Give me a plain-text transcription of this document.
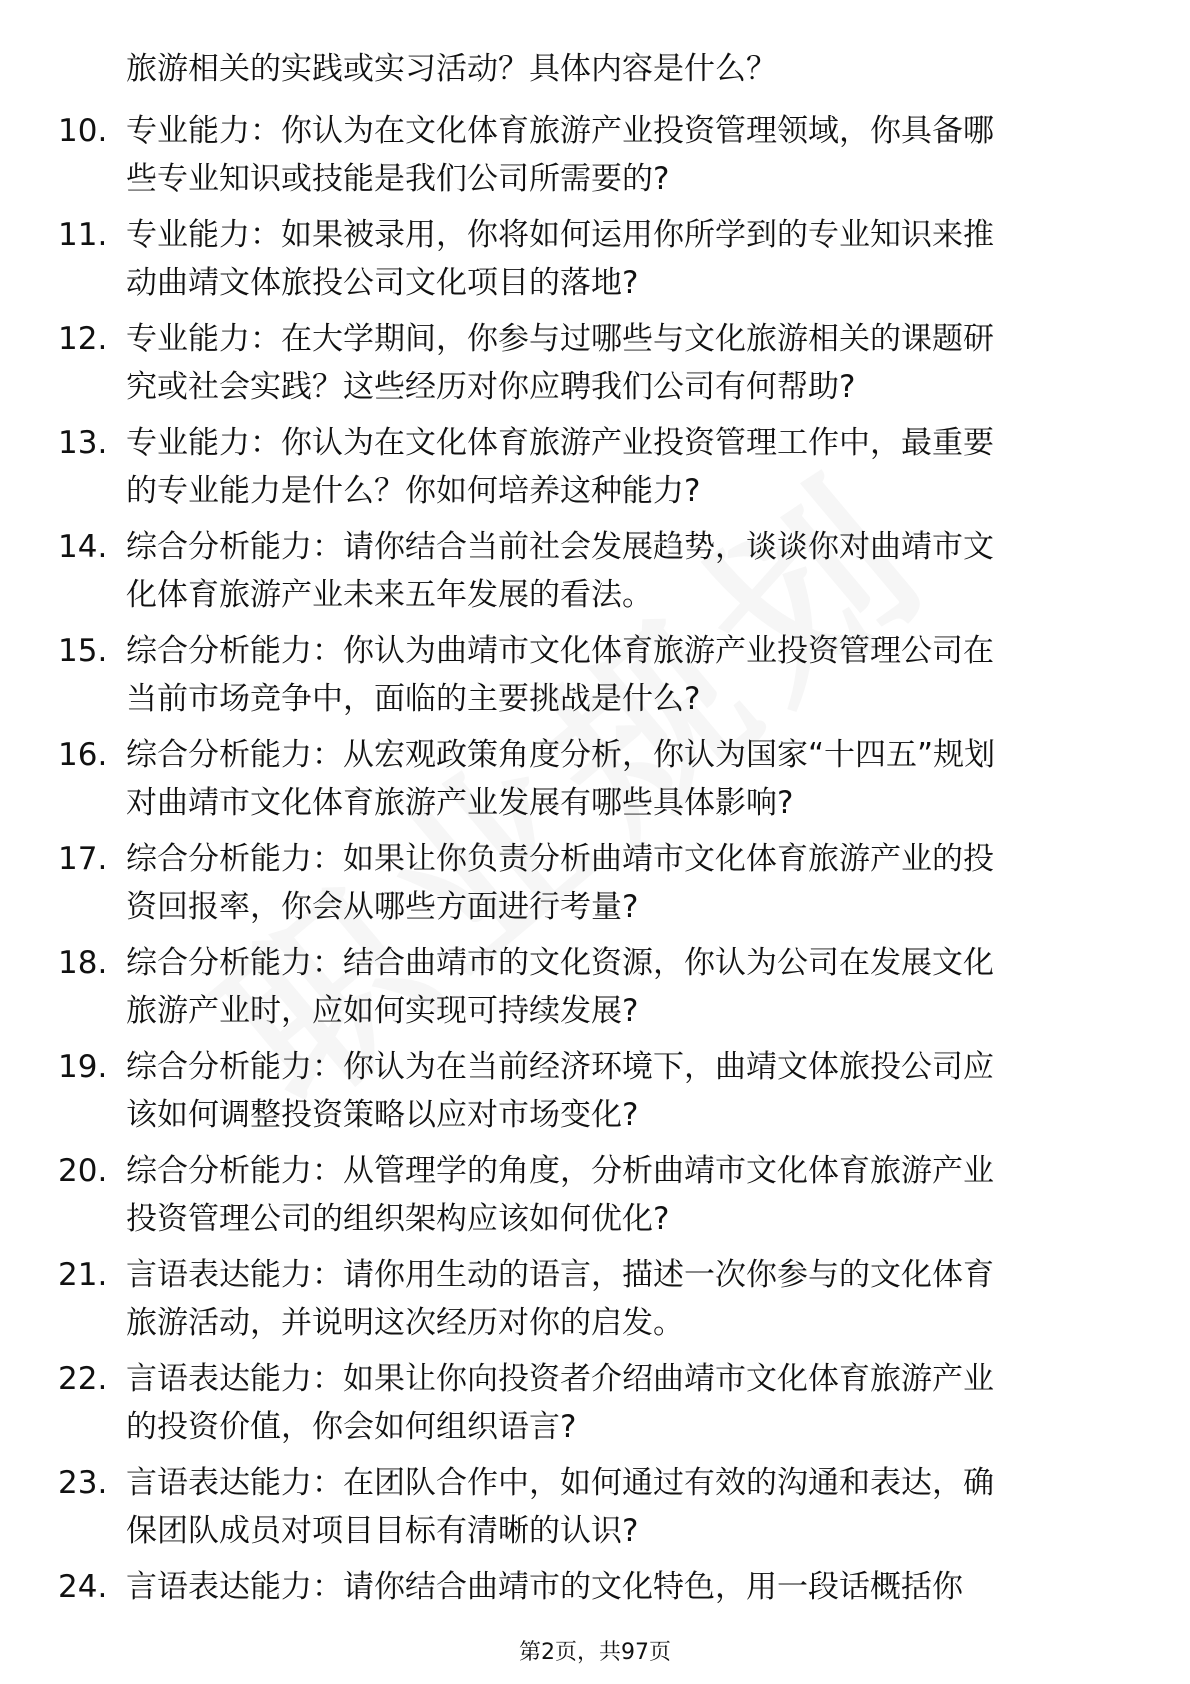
旅游相关的实践或实习活动？具体内容是什么？
10. 专业能力：你认为在文化体育旅游产业投资管理领域，你具备哪
些专业知识或技能是我们公司所需要的?
11. 专业能力：如果被录用，你将如何运用你所学到的专业知识来推
动曲靖文体旅投公司文化项目的落地?
12. 专业能力：在大学期间，你参与过哪些与文化旅游相关的课题研
究或社会实践？这些经历对你应聘我们公司有何帮助?
13. 专业能力：你认为在文化体育旅游产业投资管理工作中，最重要
的专业能力是什么？你如何培养这种能力?
14. 综合分析能力：请你结合当前社会发展趋势，谈谈你对曲靖市文
化体育旅游产业未来五年发展的看法。
15. 综合分析能力：你认为曲靖市文化体育旅游产业投资管理公司在
当前市场竞争中，面临的主要挑战是什么?
16. 综合分析能力：从宏观政策角度分析，你认为国家“十四五”规划
对曲靖市文化体育旅游产业发展有哪些具体影响?
17. 综合分析能力：如果让你负责分析曲靖市文化体育旅游产业的投
资回报率，你会从哪些方面进行考量?
18. 综合分析能力：结合曲靖市的文化资源，你认为公司在发展文化
旅游产业时，应如何实现可持续发展?
19. 综合分析能力：你认为在当前经济环境下，曲靖文体旅投公司应
该如何调整投资策略以应对市场变化?
20. 综合分析能力：从管理学的角度，分析曲靖市文化体育旅游产业
投资管理公司的组织架构应该如何优化?
21. 言语表达能力：请你用生动的语言，描述一次你参与的文化体育
旅游活动，并说明这次经历对你的启发。
22. 言语表达能力：如果让你向投资者介绍曲靖市文化体育旅游产业
的投资价值，你会如何组织语言?
23. 言语表达能力：在团队合作中，如何通过有效的沟通和表达，确
保团队成员对项目目标有清晰的认识?
24. 言语表达能力：请你结合曲靖市的文化特色，用一段话概括你
第2页，共97页
